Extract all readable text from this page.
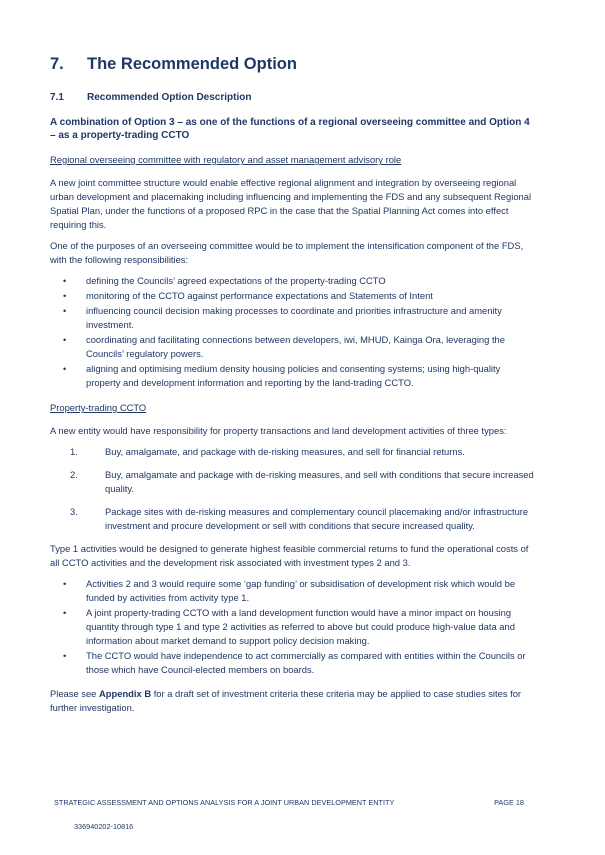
7.	The Recommended Option
7.1	Recommended Option Description
A combination of Option 3 – as one of the functions of a regional overseeing committee and Option 4 – as a property-trading CCTO
Regional overseeing committee with regulatory and asset management advisory role

A new joint committee structure would enable effective regional alignment and integration by overseeing regional urban development and placemaking including influencing and implementing the FDS and any subsequent Regional Spatial Plan, under the functions of a proposed RPC in the case that the Spatial Planning Act comes into effect requiring this.

One of the purposes of an overseeing committee would be to implement the intensification component of the FDS, with the following responsibilities:

• defining the Councils’ agreed expectations of the property-trading CCTO
• monitoring of the CCTO against performance expectations and Statements of Intent
• influencing council decision making processes to coordinate and priorities infrastructure and amenity investment.
• coordinating and facilitating connections between developers, iwi, MHUD, Kainga Ora, leveraging the Councils’ regulatory powers.
• aligning and optimising medium density housing policies and consenting systems; using high-quality property and development information and reporting by the land-trading CCTO.
Property-trading CCTO

A new entity would have responsibility for property transactions and land development activities of three types:

1.	Buy, amalgamate, and package with de-risking measures, and sell for financial returns.
2.	Buy, amalgamate and package with de-risking measures, and sell with conditions that secure increased quality.
3.	Package sites with de-risking measures and complementary council placemaking and/or infrastructure investment and procure development or sell with conditions that secure increased quality.

Type 1 activities would be designed to generate highest feasible commercial returns to fund the operational costs of all CCTO activities and the development risk associated with investment types 2 and 3.

• Activities 2 and 3 would require some ‘gap funding’ or subsidisation of development risk which would be funded by activities from activity type 1.
• A joint property-trading CCTO with a land development function would have a minor impact on housing quantity through type 1 and type 2 activities as referred to above but could produce high-value data and information about market demand to support policy decision making.
• The CCTO would have independence to act commercially as compared with entities within the Councils or those which have Council-elected members on boards.

Please see Appendix B for a draft set of investment criteria these criteria may be applied to case studies sites for further investigation.

STRATEGIC ASSESSMENT AND OPTIONS ANALYSIS FOR A JOINT URBAN DEVELOPMENT ENTITY	PAGE 18
336940202-10816
